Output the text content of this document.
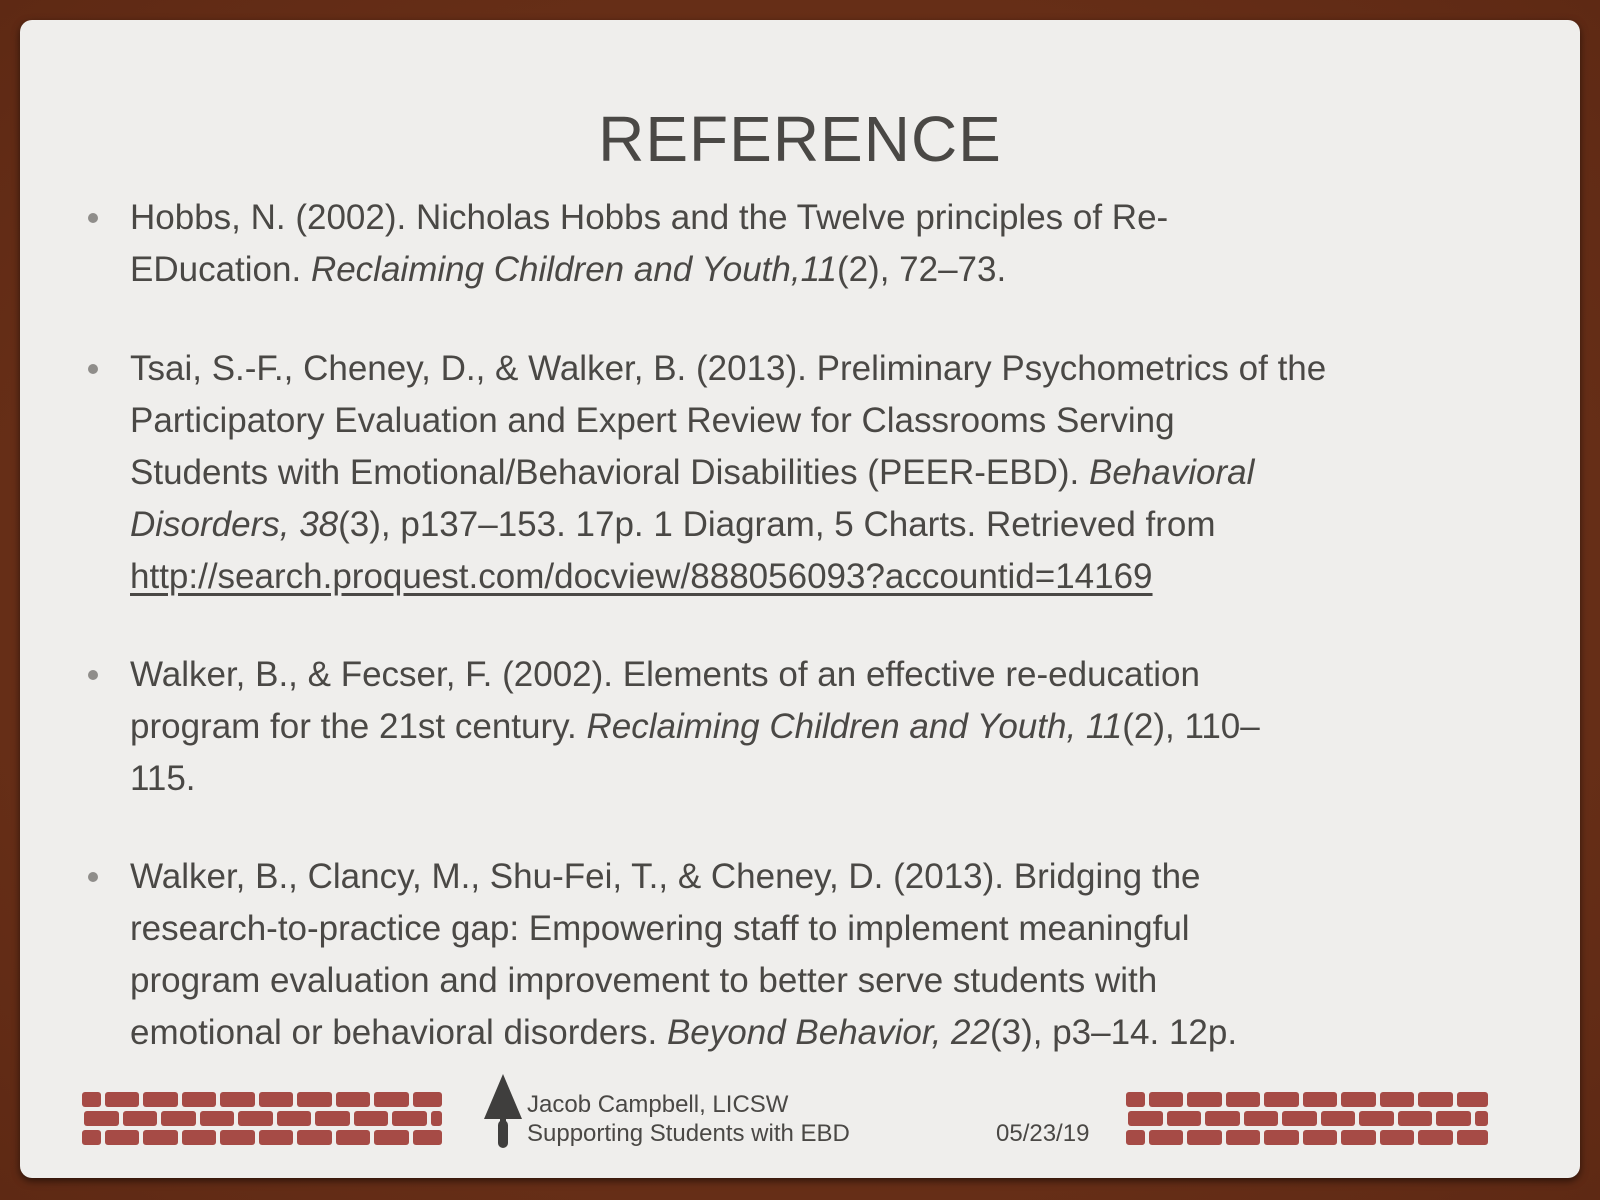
REFERENCE
Hobbs, N. (2002). Nicholas Hobbs and the Twelve principles of Re-
EDucation. Reclaiming Children and Youth,11(2), 72–73.
Tsai, S.-F., Cheney, D., & Walker, B. (2013). Preliminary Psychometrics of the
Participatory Evaluation and Expert Review for Classrooms Serving
Students with Emotional/Behavioral Disabilities (PEER-EBD). Behavioral
Disorders, 38(3), p137–153. 17p. 1 Diagram, 5 Charts. Retrieved from
http://search.proquest.com/docview/888056093?accountid=14169
Walker, B., & Fecser, F. (2002). Elements of an effective re-education
program for the 21st century. Reclaiming Children and Youth, 11(2), 110–
115.
Walker, B., Clancy, M., Shu-Fei, T., & Cheney, D. (2013). Bridging the
research-to-practice gap: Empowering staff to implement meaningful
program evaluation and improvement to better serve students with
emotional or behavioral disorders. Beyond Behavior, 22(3), p3–14. 12p.
Jacob Campbell, LICSW
Supporting Students with EBD	05/23/19
